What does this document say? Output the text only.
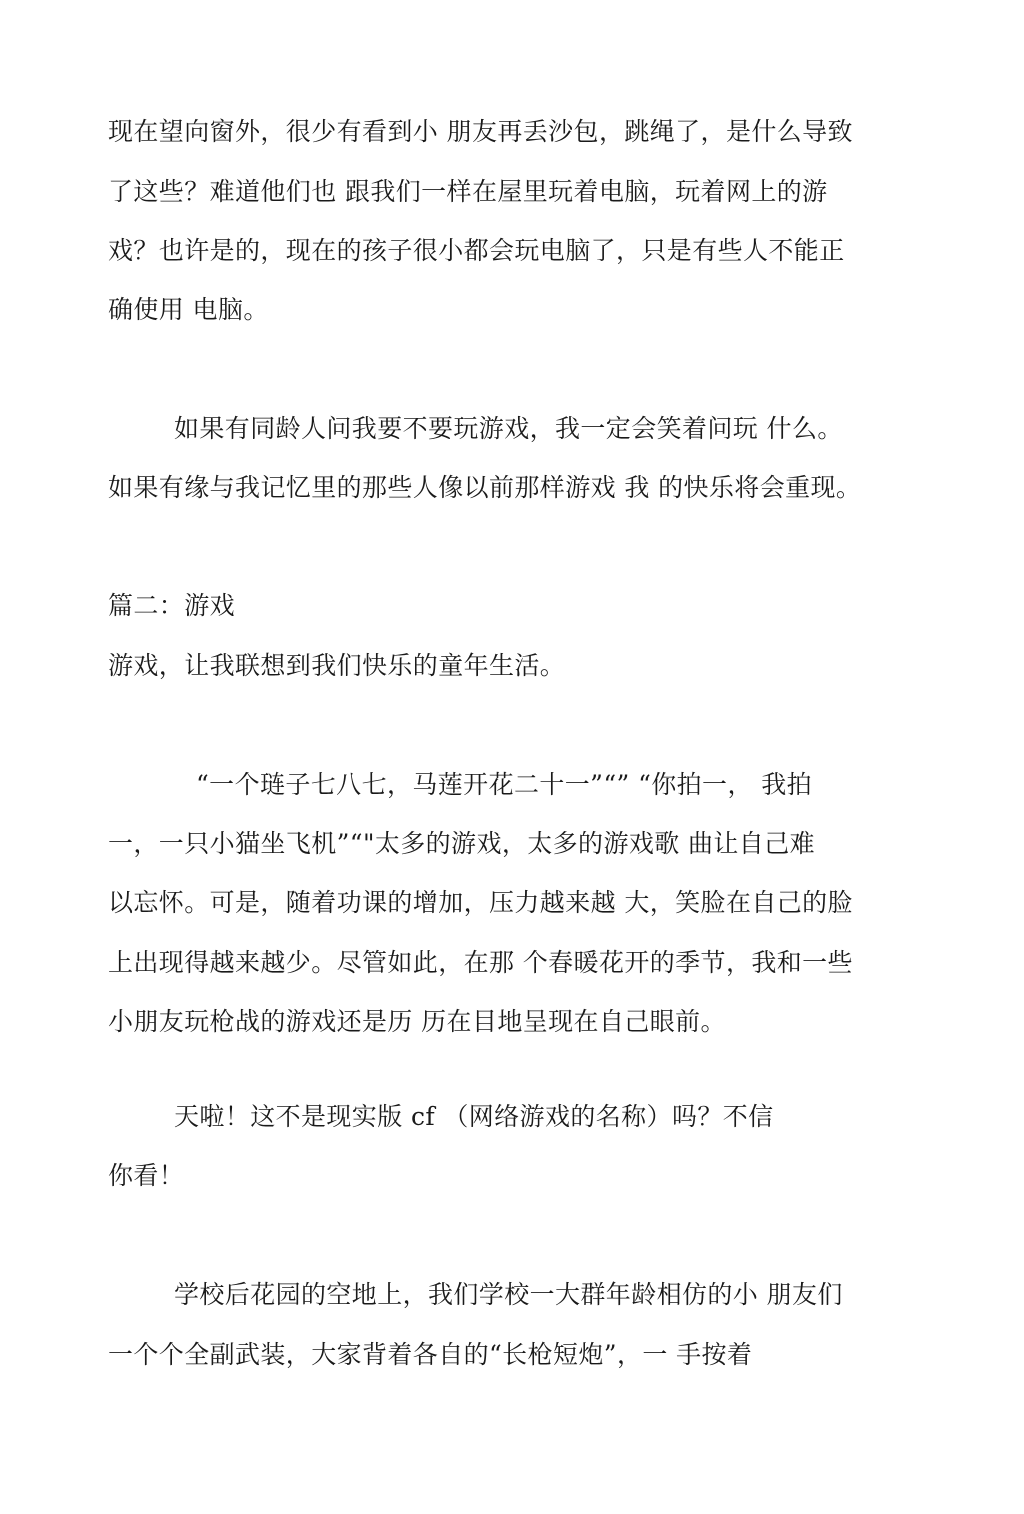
现在望向窗外，很少有看到小 朋友再丢沙包，跳绳了，是什么导致
了这些？难道他们也 跟我们一样在屋里玩着电脑，玩着网上的游
戏？也许是的，现在的孩子很小都会玩电脑了，只是有些人不能正
确使用 电脑。
如果有同龄人问我要不要玩游戏，我一定会笑着问玩 什么。
如果有缘与我记忆里的那些人像以前那样游戏 我 的快乐将会重现。
篇二：游戏
游戏，让我联想到我们快乐的童年生活。
“一个琏子七八七，马莲开花二十一”“” “你拍一， 我拍
一，一只小猫坐飞机”“"太多的游戏，太多的游戏歌 曲让自己难
以忘怀。可是，随着功课的增加，压力越来越 大，笑脸在自己的脸
上出现得越来越少。尽管如此，在那 个春暖花开的季节，我和一些
小朋友玩枪战的游戏还是历 历在目地呈现在自己眼前。
天啦！这不是现实版 cf （网络游戏的名称）吗？不信
你看！
学校后花园的空地上，我们学校一大群年龄相仿的小 朋友们
一个个全副武装，大家背着各自的“长枪短炮”，一 手按着
